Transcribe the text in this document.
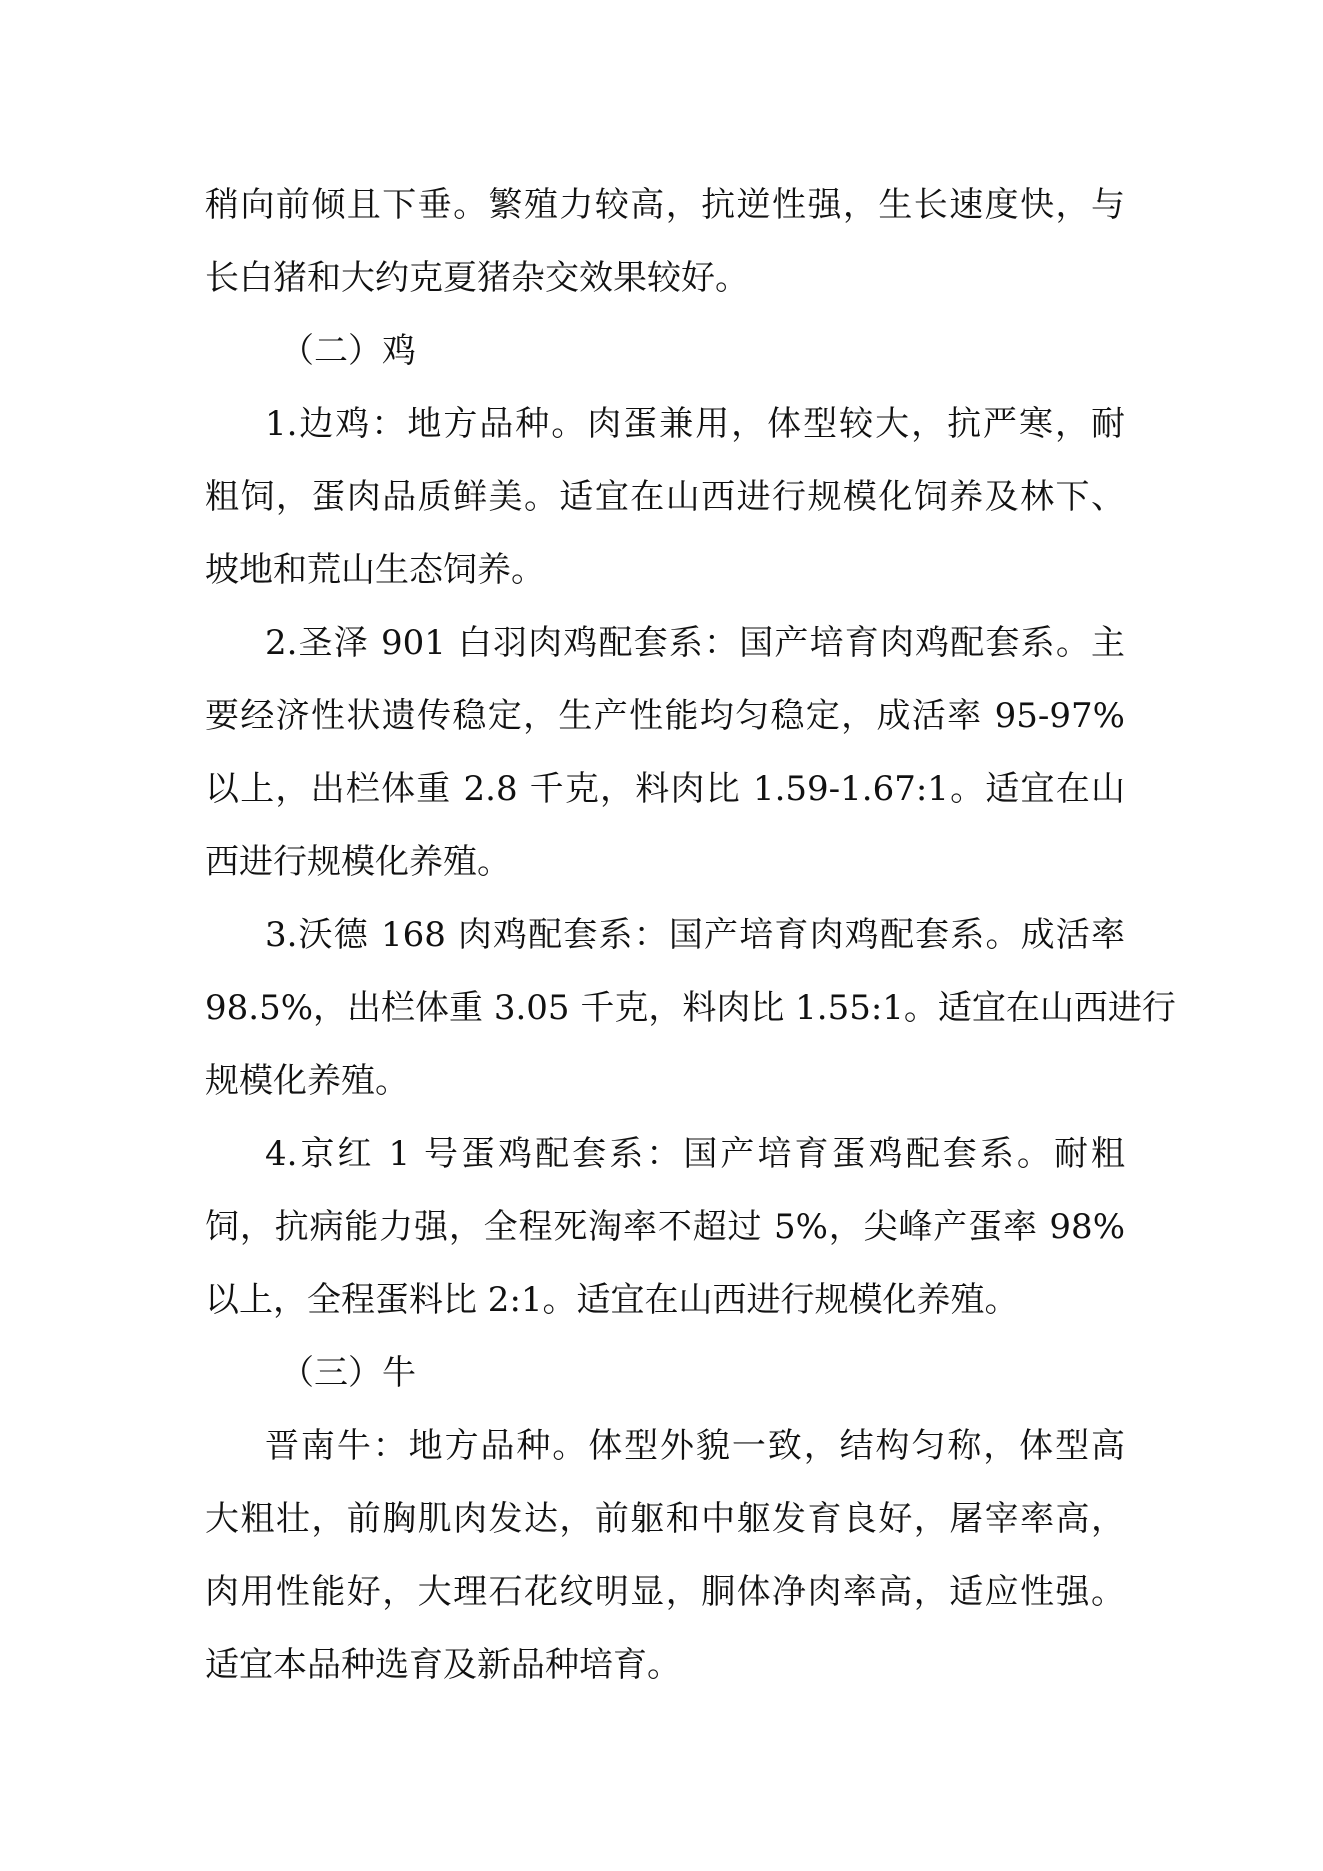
稍向前倾且下垂。繁殖力较高，抗逆性强，生长速度快，与
长白猪和大约克夏猪杂交效果较好。
（二）鸡
1.边鸡：地方品种。肉蛋兼用，体型较大，抗严寒，耐
粗饲，蛋肉品质鲜美。适宜在山西进行规模化饲养及林下、
坡地和荒山生态饲养。
2.圣泽 901 白羽肉鸡配套系：国产培育肉鸡配套系。主
要经济性状遗传稳定，生产性能均匀稳定，成活率 95-97%
以上，出栏体重 2.8 千克，料肉比 1.59-1.67:1。适宜在山
西进行规模化养殖。
3.沃德 168 肉鸡配套系：国产培育肉鸡配套系。成活率
98.5%，出栏体重 3.05 千克，料肉比 1.55:1。适宜在山西进行
规模化养殖。
4.京红 1 号蛋鸡配套系：国产培育蛋鸡配套系。耐粗
饲，抗病能力强，全程死淘率不超过 5%，尖峰产蛋率 98%
以上，全程蛋料比 2:1。适宜在山西进行规模化养殖。
（三）牛
晋南牛：地方品种。体型外貌一致，结构匀称，体型高
大粗壮，前胸肌肉发达，前躯和中躯发育良好，屠宰率高，
肉用性能好，大理石花纹明显，胴体净肉率高，适应性强。
适宜本品种选育及新品种培育。
